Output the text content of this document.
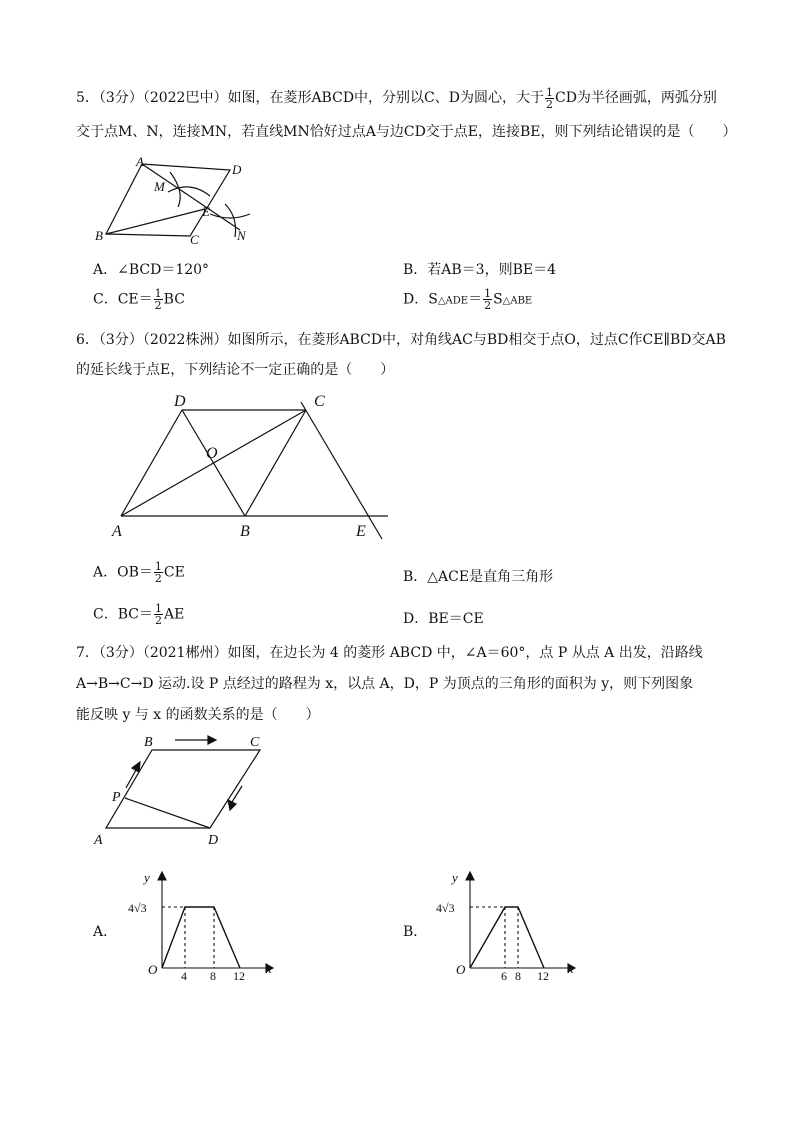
5．（3分）（2022巴中）如图，在菱形ABCD中，分别以C、D为圆心，大于 $\frac{1}{2}$ CD为半径画弧，两弧分别
交于点M、N，连接MN，若直线MN恰好过点A与边CD交于点E，连接BE，则下列结论错误的是（　　）
A
D
B	C
E
M
N
A．∠BCD＝120°	B．若AB＝3，则BE＝4
C．$CE= \frac{1}{2}$ BC	D．S△ADE＝ $\frac{1}{2}$ S△ABE
6．（3分）（2022株洲）如图所示，在菱形ABCD中，对角线AC与BD相交于点O，过点C作CE∥BD交AB
的延长线于点E，下列结论不一定正确的是（　　）
D	C
O
A	B	E
A．$OB= \frac{1}{2}$ CE	B．△ACE是直角三角形
C．$BC= \frac{1}{2}$ AE	D．BE＝CE
7．（3分）（2021郴州）如图，在边长为 4 的菱形 ABCD 中，∠A＝60°，点 P 从点 A 出发，沿路线
A→B→C→D 运动.设 P 点经过的路程为 x，以点 A，D，P 为顶点的三角形的面积为 y，则下列图象
能反映 y 与 x 的函数关系的是（　　）
B	C
P
A	D
A．
y
x
O
4√3
4 8 12
B．
y
x
O
4√3
6 8 12
